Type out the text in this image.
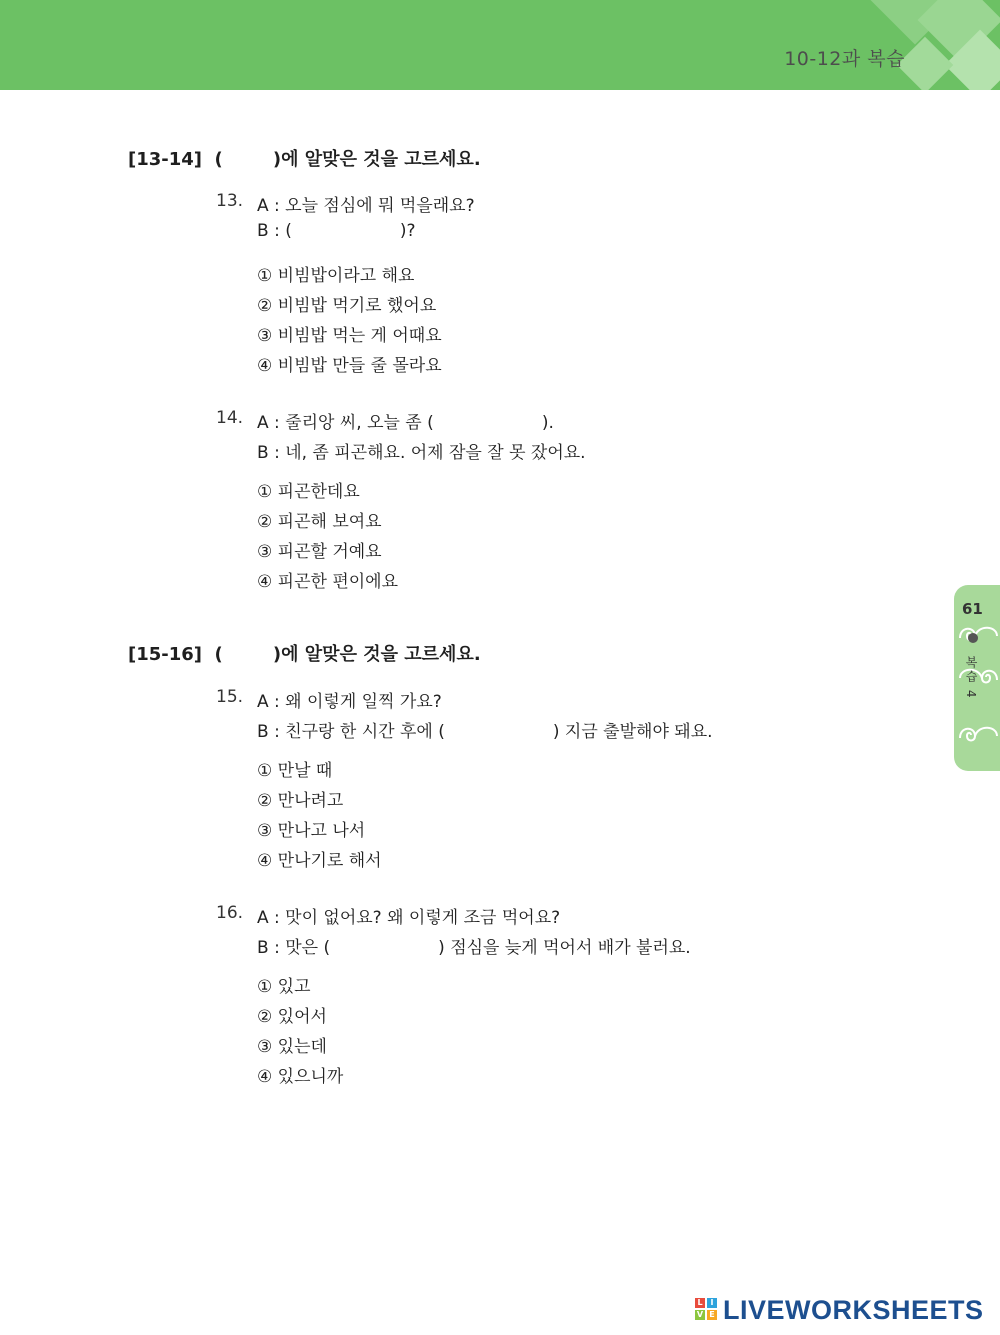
10-12과 복습
[13-14]  (        )에 알맞은 것을 고르세요.
13. A : 오늘 점심에 뭐 먹을래요?
B : (                    )?
① 비빔밥이라고 해요
② 비빔밥 먹기로 했어요
③ 비빔밥 먹는 게 어때요
④ 비빔밥 만들 줄 몰라요
14. A : 줄리앙 씨, 오늘 좀 (                    ).
B : 네, 좀 피곤해요. 어제 잠을 잘 못 잤어요.
① 피곤한데요
② 피곤해 보여요
③ 피곤할 거예요
④ 피곤한 편이에요
[15-16]  (        )에 알맞은 것을 고르세요.
15. A : 왜 이렇게 일찍 가요?
B : 친구랑 한 시간 후에 (                    ) 지금 출발해야 돼요.
① 만날 때
② 만나려고
③ 만나고 나서
④ 만나기로 해서
16. A : 맛이 없어요? 왜 이렇게 조금 먹어요?
B : 맛은 (                    ) 점심을 늦게 먹어서 배가 불러요.
① 있고
② 있어서
③ 있는데
④ 있으니까
61
복습 4
L I
V E LIVEWORKSHEETS
